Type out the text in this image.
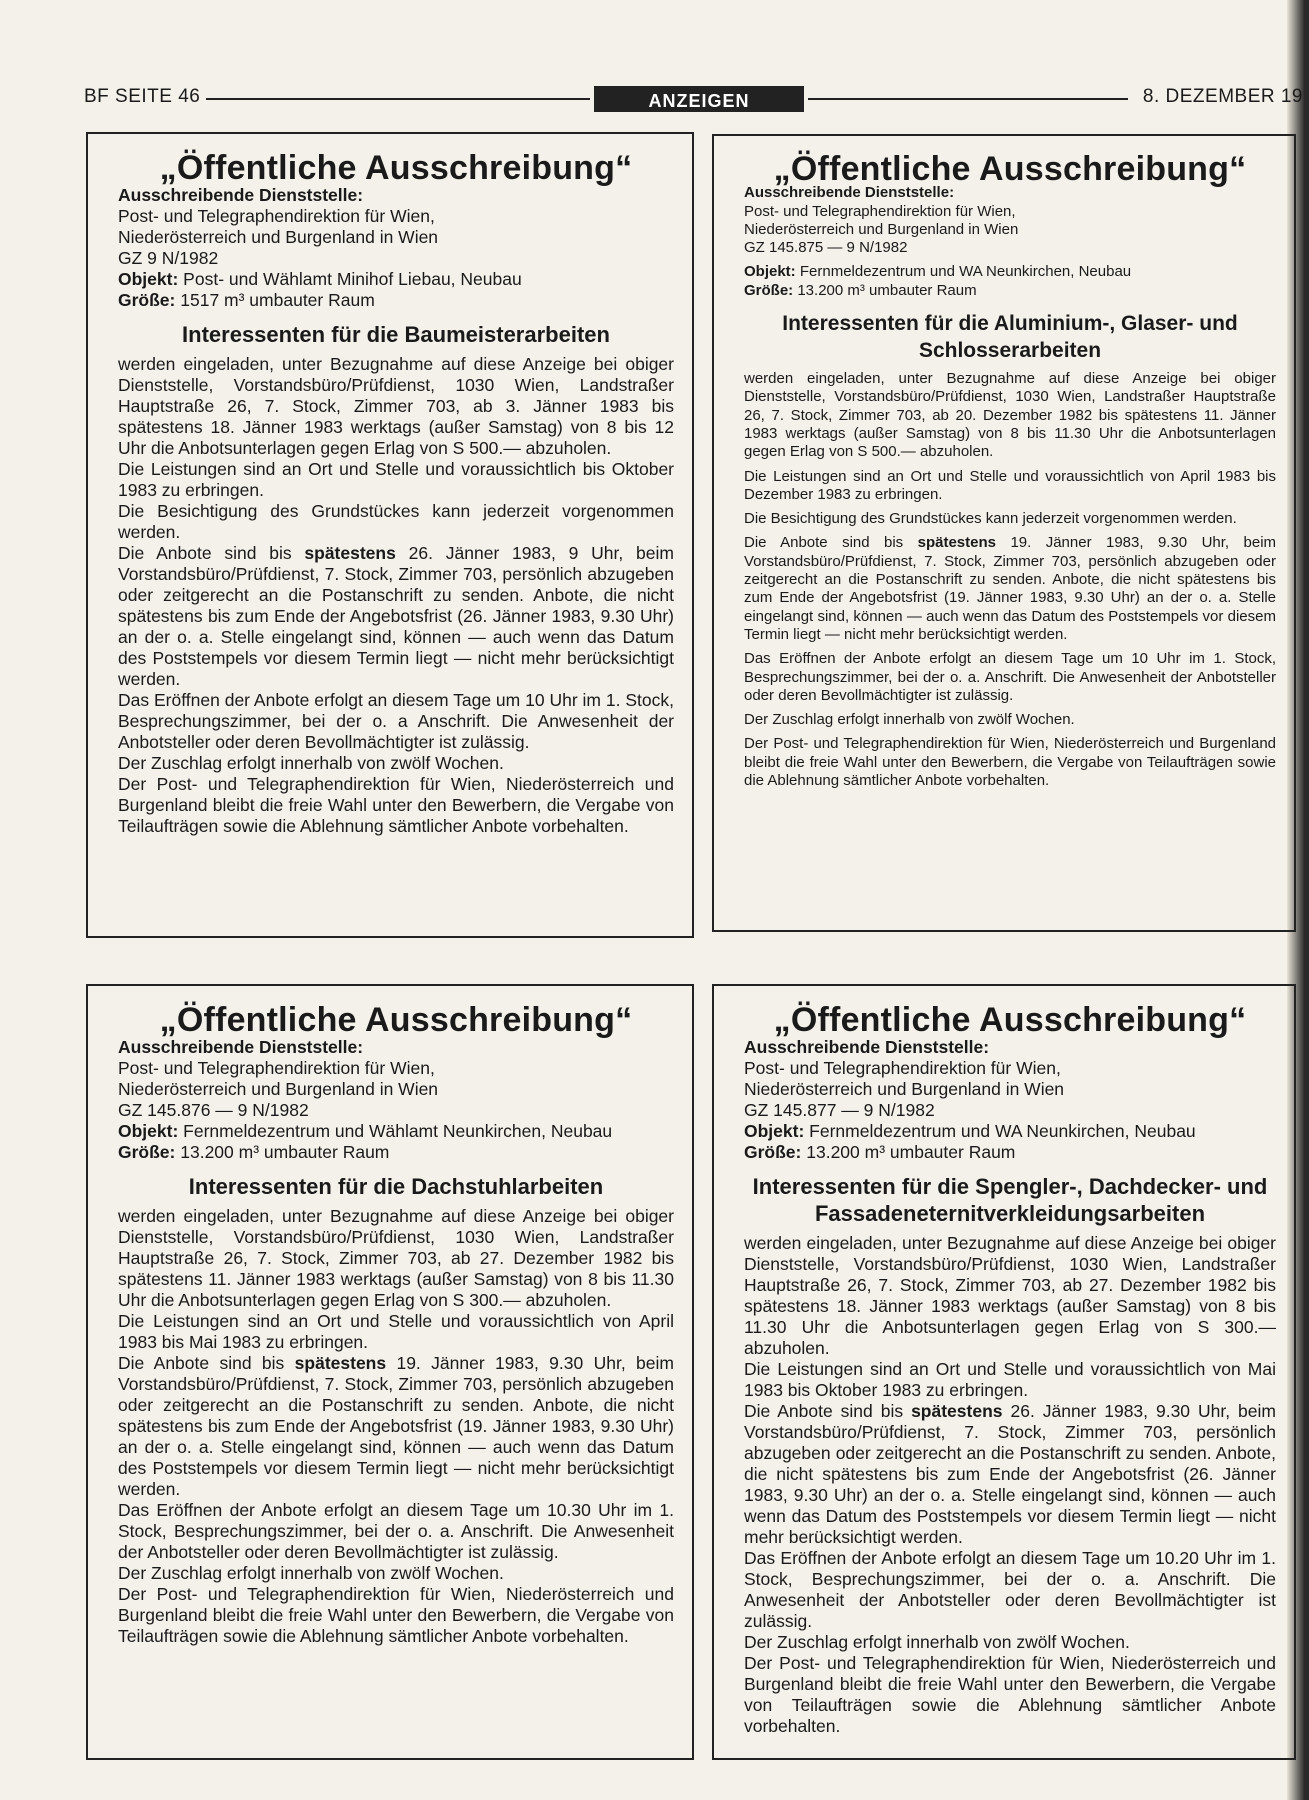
BF SEITE 46	ANZEIGEN	8. DEZEMBER 19
„Öffentliche Ausschreibung“

Ausschreibende Dienststelle:

Post- und Telegraphendirektion für Wien,

Niederösterreich und Burgenland in Wien

GZ 9 N/1982

Objekt: Post- und Wählamt Minihof Liebau, Neubau

Größe: 1517 m³ umbauter Raum

Interessenten für die Baumeisterarbeiten

werden eingeladen, unter Bezugnahme auf diese Anzeige bei obiger Dienststelle, Vorstandsbüro/Prüfdienst, 1030 Wien, Landstraßer Hauptstraße 26, 7. Stock, Zimmer 703, ab 3. Jänner 1983 bis spätestens 18. Jänner 1983 werktags (außer Samstag) von 8 bis 12 Uhr die Anbotsunterlagen gegen Erlag von S 500.— abzuholen.

Die Leistungen sind an Ort und Stelle und voraussichtlich bis Oktober 1983 zu erbringen.

Die Besichtigung des Grundstückes kann jederzeit vorgenommen werden.

Die Anbote sind bis spätestens 26. Jänner 1983, 9 Uhr, beim Vorstandsbüro/Prüfdienst, 7. Stock, Zimmer 703, persönlich abzugeben oder zeitgerecht an die Postanschrift zu senden. Anbote, die nicht spätestens bis zum Ende der Angebotsfrist (26. Jänner 1983, 9.30 Uhr) an der o. a. Stelle eingelangt sind, können — auch wenn das Datum des Poststempels vor diesem Termin liegt — nicht mehr berücksichtigt werden.

Das Eröffnen der Anbote erfolgt an diesem Tage um 10 Uhr im 1. Stock, Besprechungszimmer, bei der o. a Anschrift. Die Anwesenheit der Anbotsteller oder deren Bevollmächtigter ist zulässig.

Der Zuschlag erfolgt innerhalb von zwölf Wochen.

Der Post- und Telegraphendirektion für Wien, Niederösterreich und Burgenland bleibt die freie Wahl unter den Bewerbern, die Vergabe von Teilaufträgen sowie die Ablehnung sämtlicher Anbote vorbehalten.

„Öffentliche Ausschreibung“

Ausschreibende Dienststelle:

Post- und Telegraphendirektion für Wien,

Niederösterreich und Burgenland in Wien

GZ 145.875 — 9 N/1982

Objekt: Fernmeldezentrum und WA Neunkirchen, Neubau

Größe: 13.200 m³ umbauter Raum

Interessenten für die Aluminium-, Glaser- und Schlosserarbeiten

werden eingeladen, unter Bezugnahme auf diese Anzeige bei obiger Dienststelle, Vorstandsbüro/Prüfdienst, 1030 Wien, Landstraßer Hauptstraße 26, 7. Stock, Zimmer 703, ab 20. Dezember 1982 bis spätestens 11. Jänner 1983 werktags (außer Samstag) von 8 bis 11.30 Uhr die Anbotsunterlagen gegen Erlag von S 500.— abzuholen.

Die Leistungen sind an Ort und Stelle und voraussichtlich von April 1983 bis Dezember 1983 zu erbringen.

Die Besichtigung des Grundstückes kann jederzeit vorgenommen werden.

Die Anbote sind bis spätestens 19. Jänner 1983, 9.30 Uhr, beim Vorstandsbüro/Prüfdienst, 7. Stock, Zimmer 703, persönlich abzugeben oder zeitgerecht an die Postanschrift zu senden. Anbote, die nicht spätestens bis zum Ende der Angebotsfrist (19. Jänner 1983, 9.30 Uhr) an der o. a. Stelle eingelangt sind, können — auch wenn das Datum des Poststempels vor diesem Termin liegt — nicht mehr berücksichtigt werden.

Das Eröffnen der Anbote erfolgt an diesem Tage um 10 Uhr im 1. Stock, Besprechungszimmer, bei der o. a. Anschrift. Die Anwesenheit der Anbotsteller oder deren Bevollmächtigter ist zulässig.

Der Zuschlag erfolgt innerhalb von zwölf Wochen.

Der Post- und Telegraphendirektion für Wien, Niederösterreich und Burgenland bleibt die freie Wahl unter den Bewerbern, die Vergabe von Teilaufträgen sowie die Ablehnung sämtlicher Anbote vorbehalten.

„Öffentliche Ausschreibung“

Ausschreibende Dienststelle:

Post- und Telegraphendirektion für Wien,

Niederösterreich und Burgenland in Wien

GZ 145.876 — 9 N/1982

Objekt: Fernmeldezentrum und Wählamt Neunkirchen, Neubau

Größe: 13.200 m³ umbauter Raum

Interessenten für die Dachstuhlarbeiten

werden eingeladen, unter Bezugnahme auf diese Anzeige bei obiger Dienststelle, Vorstandsbüro/Prüfdienst, 1030 Wien, Landstraßer Hauptstraße 26, 7. Stock, Zimmer 703, ab 27. Dezember 1982 bis spätestens 11. Jänner 1983 werktags (außer Samstag) von 8 bis 11.30 Uhr die Anbotsunterlagen gegen Erlag von S 300.— abzuholen.

Die Leistungen sind an Ort und Stelle und voraussichtlich von April 1983 bis Mai 1983 zu erbringen.

Die Anbote sind bis spätestens 19. Jänner 1983, 9.30 Uhr, beim Vorstandsbüro/Prüfdienst, 7. Stock, Zimmer 703, persönlich abzugeben oder zeitgerecht an die Postanschrift zu senden. Anbote, die nicht spätestens bis zum Ende der Angebotsfrist (19. Jänner 1983, 9.30 Uhr) an der o. a. Stelle eingelangt sind, können — auch wenn das Datum des Poststempels vor diesem Termin liegt — nicht mehr berücksichtigt werden.

Das Eröffnen der Anbote erfolgt an diesem Tage um 10.30 Uhr im 1. Stock, Besprechungszimmer, bei der o. a. Anschrift. Die Anwesenheit der Anbotsteller oder deren Bevollmächtigter ist zulässig.

Der Zuschlag erfolgt innerhalb von zwölf Wochen.

Der Post- und Telegraphendirektion für Wien, Niederösterreich und Burgenland bleibt die freie Wahl unter den Bewerbern, die Vergabe von Teilaufträgen sowie die Ablehnung sämtlicher Anbote vorbehalten.

„Öffentliche Ausschreibung“

Ausschreibende Dienststelle:

Post- und Telegraphendirektion für Wien,

Niederösterreich und Burgenland in Wien

GZ 145.877 — 9 N/1982

Objekt: Fernmeldezentrum und WA Neunkirchen, Neubau

Größe: 13.200 m³ umbauter Raum

Interessenten für die Spengler-, Dachdecker- und Fassadeneternitverkleidungsarbeiten

werden eingeladen, unter Bezugnahme auf diese Anzeige bei obiger Dienststelle, Vorstandsbüro/Prüfdienst, 1030 Wien, Landstraßer Hauptstraße 26, 7. Stock, Zimmer 703, ab 27. Dezember 1982 bis spätestens 18. Jänner 1983 werktags (außer Samstag) von 8 bis 11.30 Uhr die Anbotsunterlagen gegen Erlag von S 300.— abzuholen.

Die Leistungen sind an Ort und Stelle und voraussichtlich von Mai 1983 bis Oktober 1983 zu erbringen.

Die Anbote sind bis spätestens 26. Jänner 1983, 9.30 Uhr, beim Vorstandsbüro/Prüfdienst, 7. Stock, Zimmer 703, persönlich abzugeben oder zeitgerecht an die Postanschrift zu senden. Anbote, die nicht spätestens bis zum Ende der Angebotsfrist (26. Jänner 1983, 9.30 Uhr) an der o. a. Stelle eingelangt sind, können — auch wenn das Datum des Poststempels vor diesem Termin liegt — nicht mehr berücksichtigt werden.

Das Eröffnen der Anbote erfolgt an diesem Tage um 10.20 Uhr im 1. Stock, Besprechungszimmer, bei der o. a. Anschrift. Die Anwesenheit der Anbotsteller oder deren Bevollmächtigter ist zulässig.

Der Zuschlag erfolgt innerhalb von zwölf Wochen.

Der Post- und Telegraphendirektion für Wien, Niederösterreich und Burgenland bleibt die freie Wahl unter den Bewerbern, die Vergabe von Teilaufträgen sowie die Ablehnung sämtlicher Anbote vorbehalten.
